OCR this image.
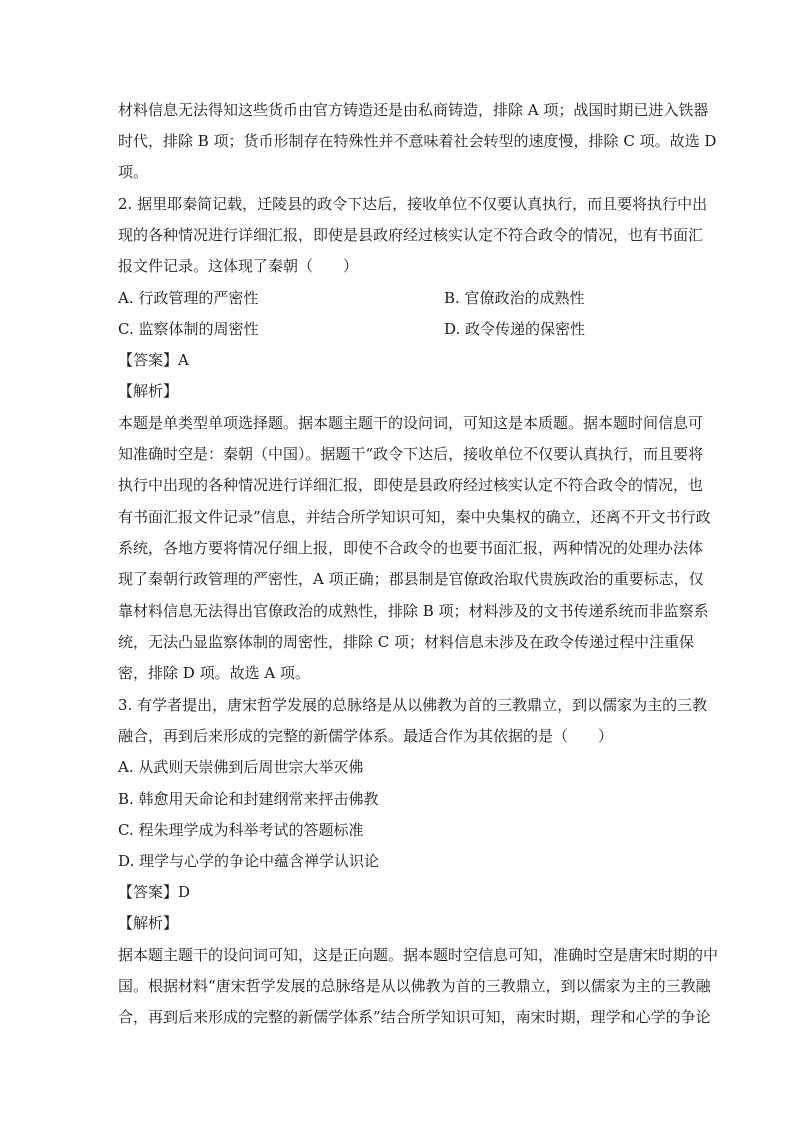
材料信息无法得知这些货币由官方铸造还是由私商铸造，排除 A 项；战国时期已进入铁器
时代，排除 B 项；货币形制存在特殊性并不意味着社会转型的速度慢，排除 C 项。故选 D
项。
2. 据里耶秦简记载，迁陵县的政令下达后，接收单位不仅要认真执行，而且要将执行中出
现的各种情况进行详细汇报，即使是县政府经过核实认定不符合政令的情况，也有书面汇
报文件记录。这体现了秦朝（　　）
A. 行政管理的严密性	B. 官僚政治的成熟性
C. 监察体制的周密性	D. 政令传递的保密性
【答案】A
【解析】
本题是单类型单项选择题。据本题主题干的设问词，可知这是本质题。据本题时间信息可
知准确时空是：秦朝（中国）。据题干“政令下达后，接收单位不仅要认真执行，而且要将
执行中出现的各种情况进行详细汇报，即使是县政府经过核实认定不符合政令的情况，也
有书面汇报文件记录”信息，并结合所学知识可知，秦中央集权的确立，还离不开文书行政
系统，各地方要将情况仔细上报，即使不合政令的也要书面汇报，两种情况的处理办法体
现了秦朝行政管理的严密性，A 项正确；郡县制是官僚政治取代贵族政治的重要标志，仅
靠材料信息无法得出官僚政治的成熟性，排除 B 项；材料涉及的文书传递系统而非监察系
统，无法凸显监察体制的周密性，排除 C 项；材料信息未涉及在政令传递过程中注重保
密，排除 D 项。故选 A 项。
3. 有学者提出，唐宋哲学发展的总脉络是从以佛教为首的三教鼎立，到以儒家为主的三教
融合，再到后来形成的完整的新儒学体系。最适合作为其依据的是（　　）
A. 从武则天崇佛到后周世宗大举灭佛
B. 韩愈用天命论和封建纲常来抨击佛教
C. 程朱理学成为科举考试的答题标准
D. 理学与心学的争论中蕴含禅学认识论
【答案】D
【解析】
据本题主题干的设问词可知，这是正向题。据本题时空信息可知，准确时空是唐宋时期的中
国。根据材料“唐宋哲学发展的总脉络是从以佛教为首的三教鼎立，到以儒家为主的三教融
合，再到后来形成的完整的新儒学体系”结合所学知识可知，南宋时期，理学和心学的争论
